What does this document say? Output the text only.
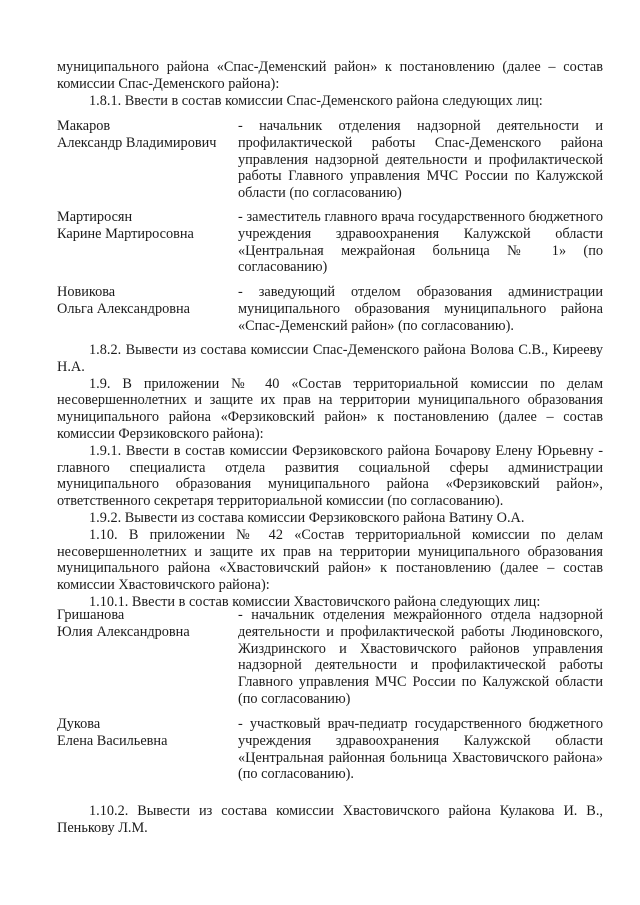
муниципального района «Спас-Деменский район» к постановлению (далее – состав комиссии Спас-Деменского района):

1.8.1. Ввести в состав комиссии Спас-Деменского района следующих лиц:

Макаров
Александр Владимирович
- начальник отделения надзорной деятельности и профилактической работы Спас-Деменского района управления надзорной деятельности и профилактической работы Главного управления МЧС России по Калужской области (по согласованию)
Мартиросян
Карине Мартиросовна
- заместитель главного врача государственного бюджетного учреждения здравоохранения Калужской области «Центральная межрайоная больница № 1» (по согласованию)
Новикова
Ольга Александровна
- заведующий отделом образования администрации муниципального образования муниципального района «Спас-Деменский район» (по согласованию).

1.8.2. Вывести из состава комиссии Спас-Деменского района Волова С.В., Кирееву Н.А.

1.9. В приложении № 40 «Состав территориальной комиссии по делам несовершеннолетних и защите их прав на территории муниципального образования муниципального района «Ферзиковский район» к постановлению (далее – состав комиссии Ферзиковского района):

1.9.1. Ввести в состав комиссии Ферзиковского района Бочарову Елену Юрьевну - главного специалиста отдела развития социальной сферы администрации муниципального образования муниципального района «Ферзиковский район», ответственного секретаря территориальной комиссии (по согласованию).

1.9.2. Вывести из состава комиссии Ферзиковского района Ватину О.А.

1.10. В приложении № 42 «Состав территориальной комиссии по делам несовершеннолетних и защите их прав на территории муниципального образования муниципального района «Хвастовичский район» к постановлению (далее – состав комиссии Хвастовичского района):

1.10.1. Ввести в состав комиссии Хвастовичского района следующих лиц:

Гришанова
Юлия Александровна
- начальник отделения межрайонного отдела надзорной деятельности и профилактической работы Людиновского, Жиздринского и Хвастовичского районов управления надзорной деятельности и профилактической работы Главного управления МЧС России по Калужской области (по согласованию)
Дукова
Елена Васильевна
- участковый врач-педиатр государственного бюджетного учреждения здравоохранения Калужской области «Центральная районная больница Хвастовичского района» (по согласованию).

1.10.2. Вывести из состава комиссии Хвастовичского района Кулакова И. В., Пенькову Л.М.
